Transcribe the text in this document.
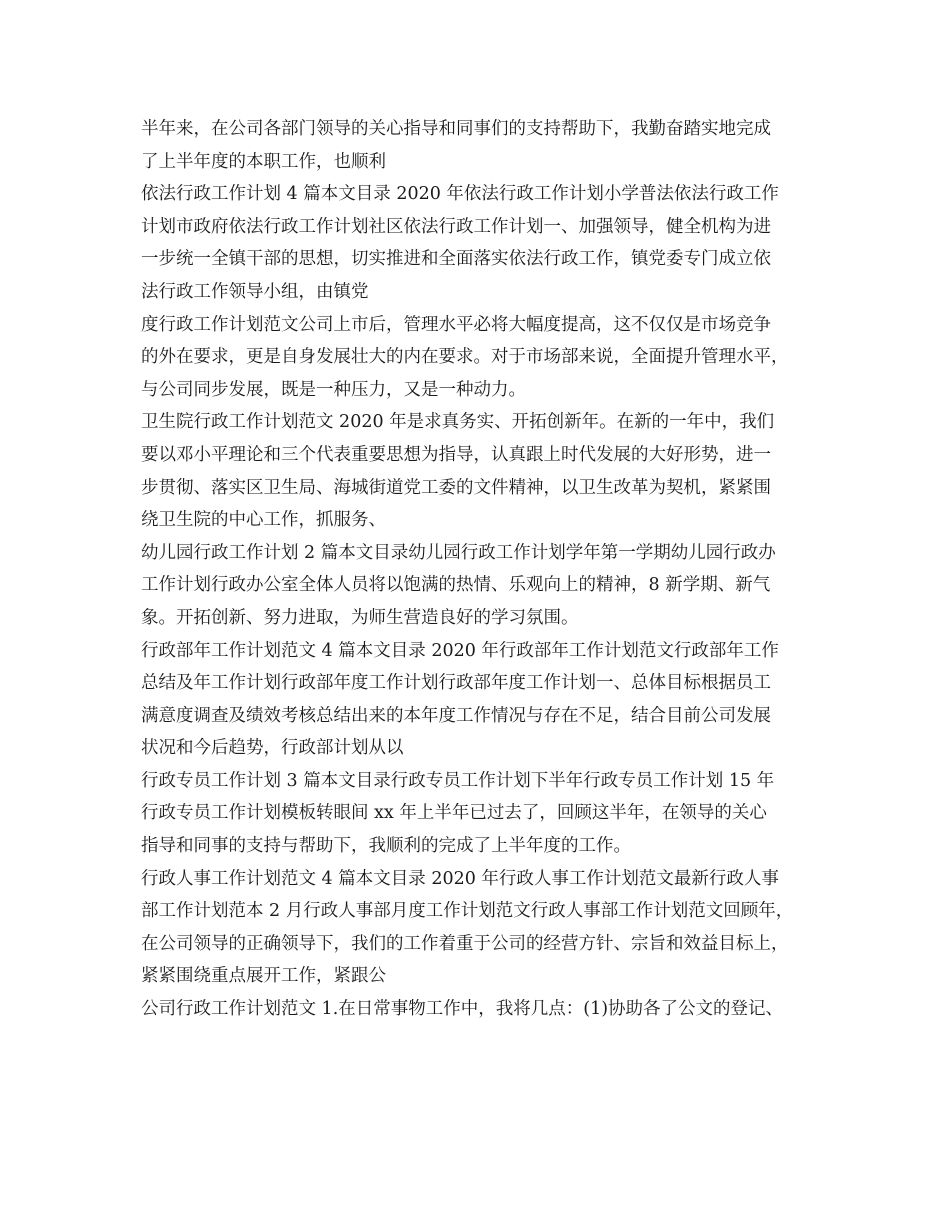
半年来，在公司各部门领导的关心指导和同事们的支持帮助下，我勤奋踏实地完成
了上半年度的本职工作，也顺利
依法行政工作计划 4 篇本文目录 2020 年依法行政工作计划小学普法依法行政工作
计划市政府依法行政工作计划社区依法行政工作计划一、加强领导，健全机构为进
一步统一全镇干部的思想，切实推进和全面落实依法行政工作，镇党委专门成立依
法行政工作领导小组，由镇党
度行政工作计划范文公司上市后，管理水平必将大幅度提高，这不仅仅是市场竞争
的外在要求，更是自身发展壮大的内在要求。对于市场部来说，全面提升管理水平，
与公司同步发展，既是一种压力，又是一种动力。
卫生院行政工作计划范文 2020 年是求真务实、开拓创新年。在新的一年中，我们
要以邓小平理论和三个代表重要思想为指导，认真跟上时代发展的大好形势，进一
步贯彻、落实区卫生局、海城街道党工委的文件精神，以卫生改革为契机，紧紧围
绕卫生院的中心工作，抓服务、
幼儿园行政工作计划 2 篇本文目录幼儿园行政工作计划学年第一学期幼儿园行政办
工作计划行政办公室全体人员将以饱满的热情、乐观向上的精神，8 新学期、新气
象。开拓创新、努力进取，为师生营造良好的学习氛围。
行政部年工作计划范文 4 篇本文目录 2020 年行政部年工作计划范文行政部年工作
总结及年工作计划行政部年度工作计划行政部年度工作计划一、总体目标根据员工
满意度调查及绩效考核总结出来的本年度工作情况与存在不足，结合目前公司发展
状况和今后趋势，行政部计划从以
行政专员工作计划 3 篇本文目录行政专员工作计划下半年行政专员工作计划 15 年
行政专员工作计划模板转眼间 xx 年上半年已过去了，回顾这半年，在领导的关心
指导和同事的支持与帮助下，我顺利的完成了上半年度的工作。
行政人事工作计划范文 4 篇本文目录 2020 年行政人事工作计划范文最新行政人事
部工作计划范本 2 月行政人事部月度工作计划范文行政人事部工作计划范文回顾年，
在公司领导的正确领导下，我们的工作着重于公司的经营方针、宗旨和效益目标上，
紧紧围绕重点展开工作，紧跟公
公司行政工作计划范文 1.在日常事物工作中，我将几点：(1)协助各了公文的登记、
